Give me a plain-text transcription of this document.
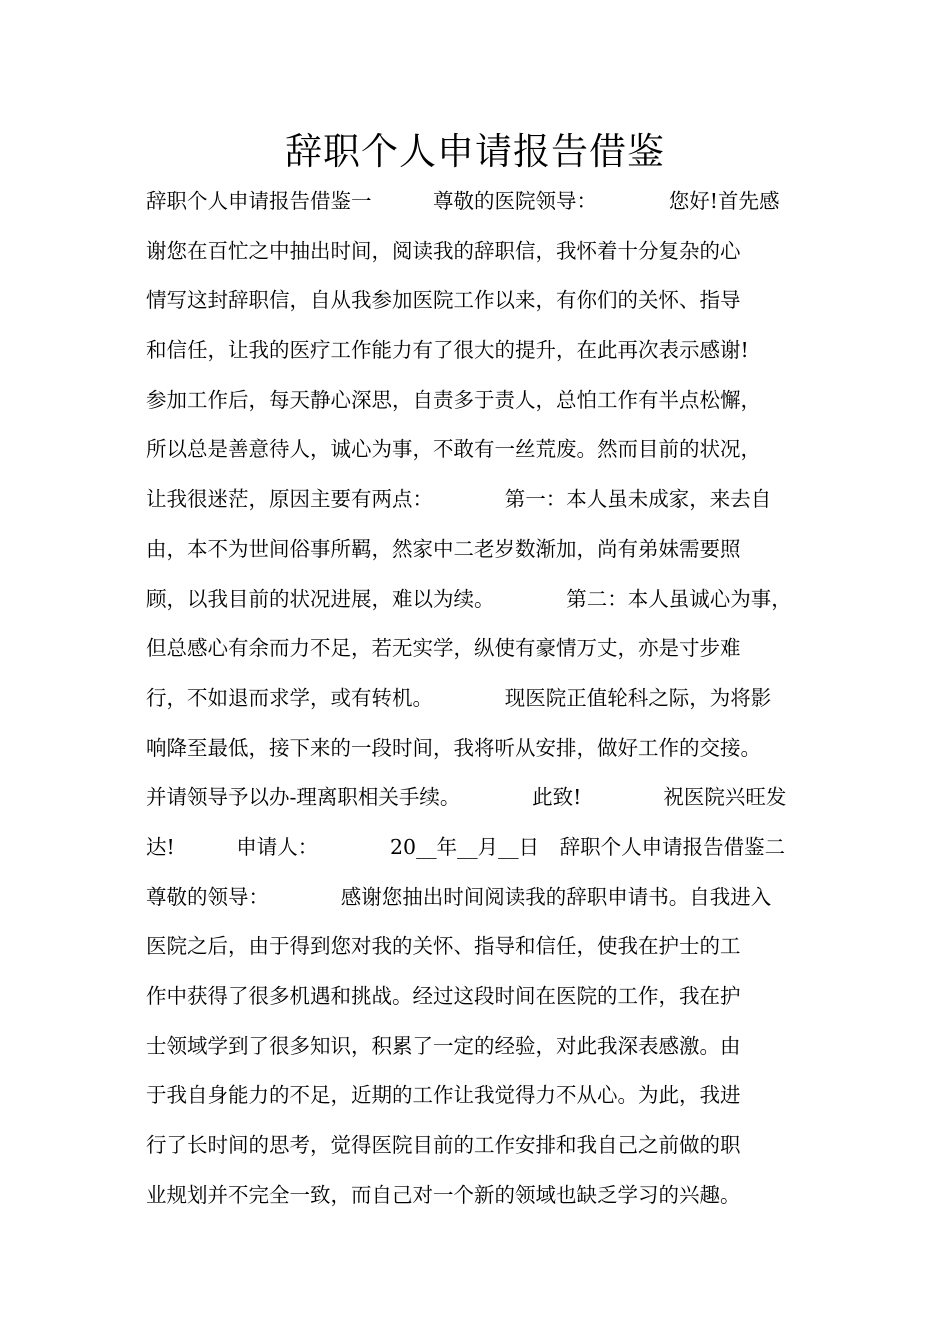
辞职个人申请报告借鉴
辞职个人申请报告借鉴一　　　尊敬的医院领导：　　　　您好!首先感
谢您在百忙之中抽出时间，阅读我的辞职信，我怀着十分复杂的心
情写这封辞职信，自从我参加医院工作以来，有你们的关怀、指导
和信任，让我的医疗工作能力有了很大的提升，在此再次表示感谢!
参加工作后，每天静心深思，自责多于责人，总怕工作有半点松懈，
所以总是善意待人，诚心为事，不敢有一丝荒废。然而目前的状况，
让我很迷茫，原因主要有两点：　　　　第一：本人虽未成家，来去自
由，本不为世间俗事所羁，然家中二老岁数渐加，尚有弟妹需要照
顾，以我目前的状况进展，难以为续。　　　　第二：本人虽诚心为事，
但总感心有余而力不足，若无实学，纵使有豪情万丈，亦是寸步难
行，不如退而求学，或有转机。　　　　现医院正值轮科之际，为将影
响降至最低，接下来的一段时间，我将听从安排，做好工作的交接。
并请领导予以办-理离职相关手续。　　　　此致!　　　　祝医院兴旺发
达!　　　申请人：　　　　20__年__月__日　辞职个人申请报告借鉴二
尊敬的领导：　　　　感谢您抽出时间阅读我的辞职申请书。自我进入
医院之后，由于得到您对我的关怀、指导和信任，使我在护士的工
作中获得了很多机遇和挑战。经过这段时间在医院的工作，我在护
士领域学到了很多知识，积累了一定的经验，对此我深表感激。由
于我自身能力的不足，近期的工作让我觉得力不从心。为此，我进
行了长时间的思考，觉得医院目前的工作安排和我自己之前做的职
业规划并不完全一致，而自己对一个新的领域也缺乏学习的兴趣。
